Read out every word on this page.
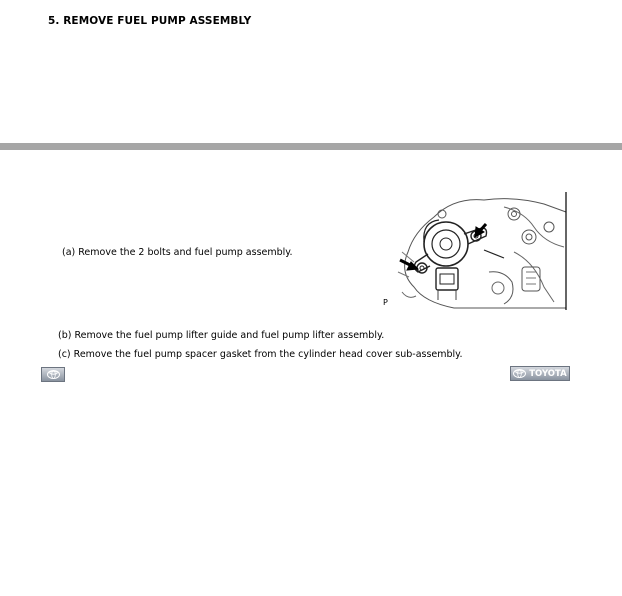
5. REMOVE FUEL PUMP ASSEMBLY
(a) Remove the 2 bolts and fuel pump assembly.
P
(b) Remove the fuel pump lifter guide and fuel pump lifter assembly.
(c) Remove the fuel pump spacer gasket from the cylinder head cover sub-assembly.
TOYOTA
